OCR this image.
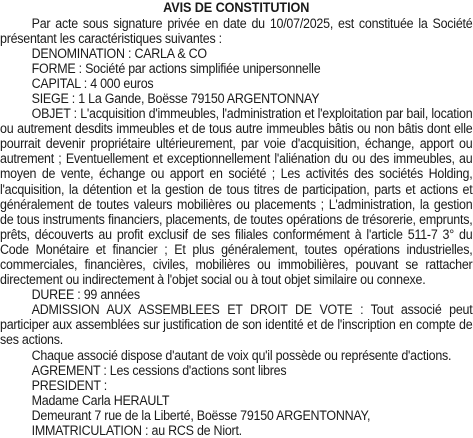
AVIS DE CONSTITUTION

Par acte sous signature privée en date du 10/07/2025, est constituée la Société présentant les caractéristiques suivantes :

DENOMINATION : CARLA & CO

FORME : Société par actions simplifiée unipersonnelle

CAPITAL : 4 000 euros

SIEGE : 1 La Gande, Boësse 79150 ARGENTONNAY

OBJET : L'acquisition d'immeubles, l'administration et l'exploitation par bail, location ou autrement desdits immeubles et de tous autre immeubles bâtis ou non bâtis dont elle pourrait devenir propriétaire ultérieurement, par voie d'acquisition, échange, apport ou autrement ; Eventuellement et exceptionnellement l'aliénation du ou des immeubles, au moyen de vente, échange ou apport en société ; Les activités des sociétés Holding, l'acquisition, la détention et la gestion de tous titres de participation, parts et actions et généralement de toutes valeurs mobilières ou placements ; L'administration, la gestion de tous instruments financiers, placements, de toutes opérations de trésorerie, emprunts, prêts, découverts au profit exclusif de ses filiales conformément à l'article 511-7 3° du Code Monétaire et financier ; Et plus généralement, toutes opérations industrielles, commerciales, financières, civiles, mobilières ou immobilières, pouvant se rattacher directement ou indirectement à l'objet social ou à tout objet similaire ou connexe.

DUREE : 99 années

ADMISSION AUX ASSEMBLEES ET DROIT DE VOTE : Tout associé peut participer aux assemblées sur justification de son identité et de l'inscription en compte de ses actions.

Chaque associé dispose d'autant de voix qu'il possède ou représente d'actions.

AGREMENT : Les cessions d'actions sont libres

PRESIDENT :

Madame Carla HERAULT

Demeurant 7 rue de la Liberté, Boësse 79150 ARGENTONNAY,

IMMATRICULATION : au RCS de Niort.
